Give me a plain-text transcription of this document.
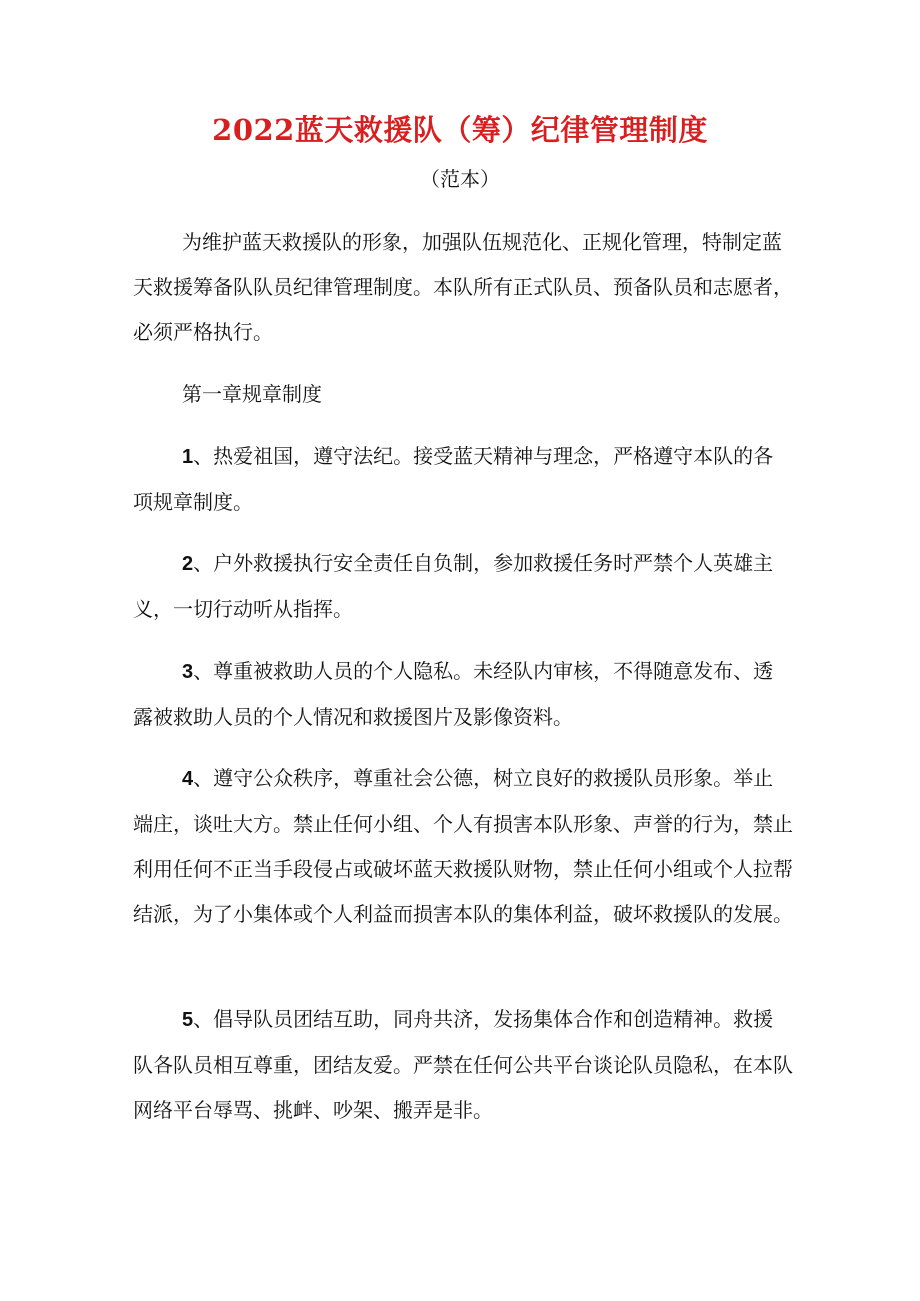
2022蓝天救援队（筹）纪律管理制度
（范本）

为维护蓝天救援队的形象，加强队伍规范化、正规化管理，特制定蓝天救援筹备队队员纪律管理制度。本队所有正式队员、预备队员和志愿者，必须严格执行。

第一章规章制度

1、热爱祖国，遵守法纪。接受蓝天精神与理念，严格遵守本队的各项规章制度。

2、户外救援执行安全责任自负制，参加救援任务时严禁个人英雄主义，一切行动听从指挥。

3、尊重被救助人员的个人隐私。未经队内审核，不得随意发布、透露被救助人员的个人情况和救援图片及影像资料。

4、遵守公众秩序，尊重社会公德，树立良好的救援队员形象。举止端庄，谈吐大方。禁止任何小组、个人有损害本队形象、声誉的行为，禁止利用任何不正当手段侵占或破坏蓝天救援队财物，禁止任何小组或个人拉帮结派，为了小集体或个人利益而损害本队的集体利益，破坏救援队的发展。

5、倡导队员团结互助，同舟共济，发扬集体合作和创造精神。救援队各队员相互尊重，团结友爱。严禁在任何公共平台谈论队员隐私，在本队网络平台辱骂、挑衅、吵架、搬弄是非。
